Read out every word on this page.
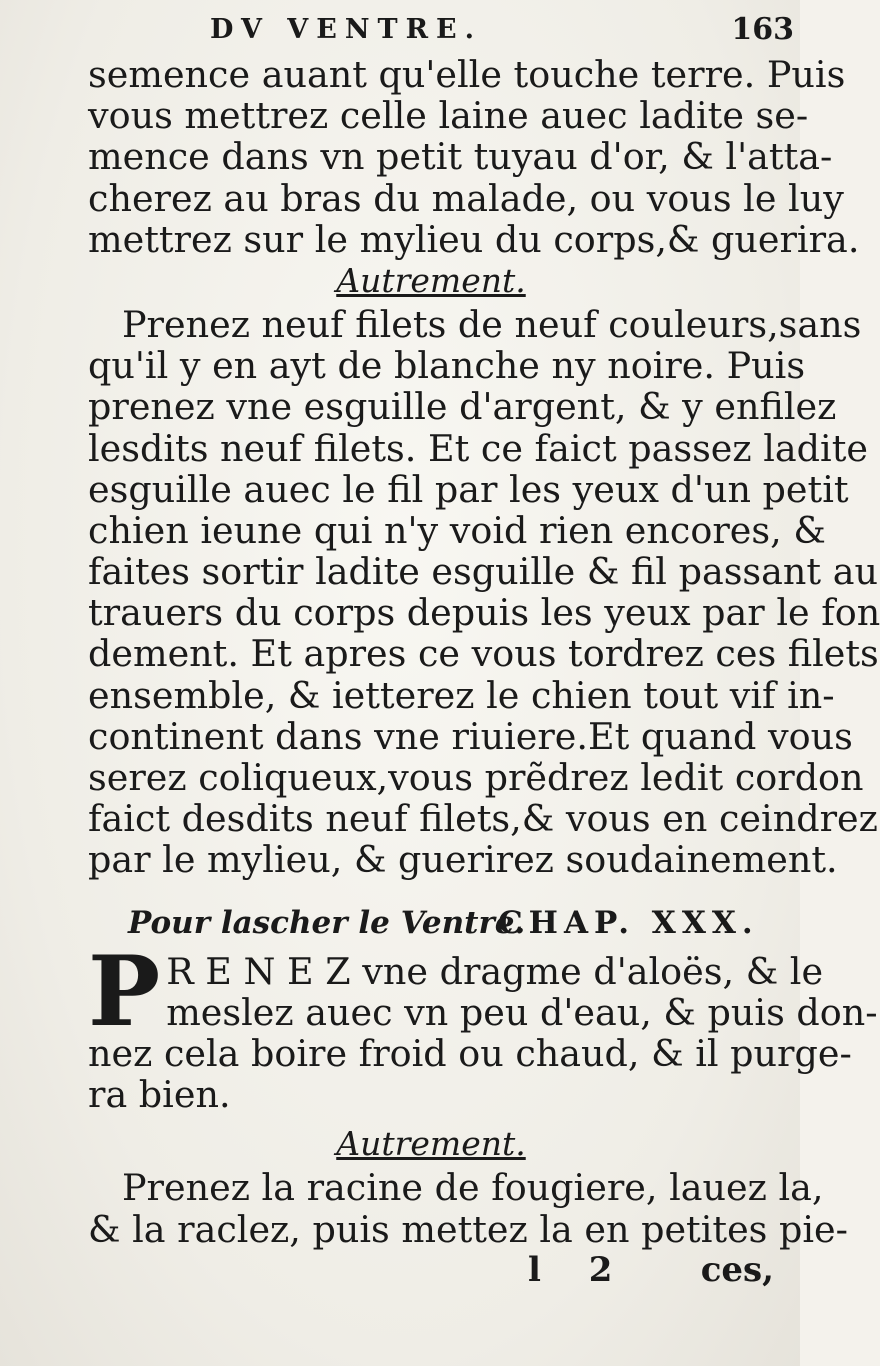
DV VENTRE.	163
semence auant qu'elle touche terre. Puis
vous mettrez celle laine auec ladite se-
mence dans vn petit tuyau d'or, & l'atta-
cherez au bras du malade, ou vous le luy
mettrez sur le mylieu du corps,& guerira.
Autrement.
Prenez neuf filets de neuf couleurs,sans
qu'il y en ayt de blanche ny noire. Puis
prenez vne esguille d'argent, & y enfilez
lesdits neuf filets. Et ce faict passez ladite
esguille auec le fil par les yeux d'un petit
chien ieune qui n'y void rien encores, &
faites sortir ladite esguille & fil passant au
trauers du corps depuis les yeux par le fon
dement. Et apres ce vous tordrez ces filets
ensemble, & ietterez le chien tout vif in-
continent dans vne riuiere.Et quand vous
serez coliqueux,vous prẽdrez ledit cordon
faict desdits neuf filets,& vous en ceindrez
par le mylieu, & guerirez soudainement.
Pour lascher le Ventre.
CHAP. XXX.
P R E N E Z vne dragme d'aloës, & le
meslez auec vn peu d'eau, & puis don-
nez cela boire froid ou chaud, & il purge-
ra bien.
Autrement.
Prenez la racine de fougiere, lauez la,
& la raclez, puis mettez la en petites pie-
l 2 ces,
